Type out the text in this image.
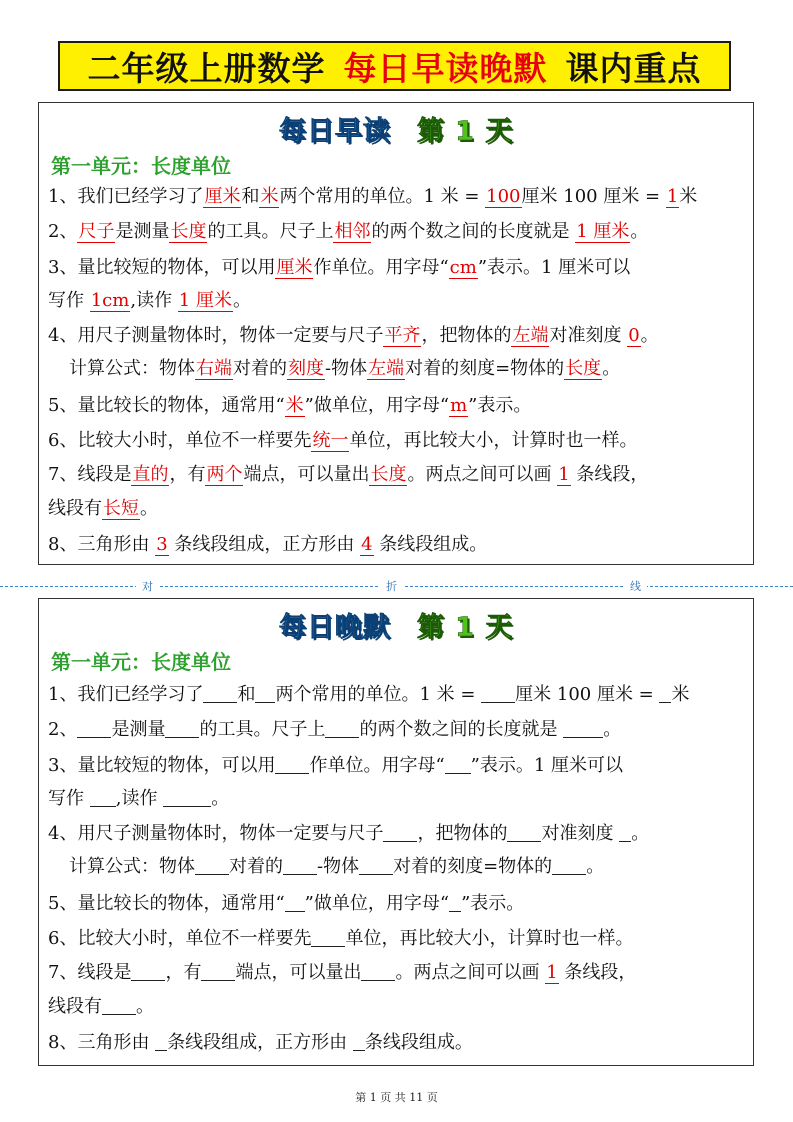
二年级上册数学 每日早读晚默 课内重点
每日早读 第 1 天
第一单元：长度单位
1、我们已经学习了厘米和米两个常用的单位。1 米 = 100厘米 100 厘米 = 1米
2、尺子是测量长度的工具。尺子上相邻的两个数之间的长度就是 1 厘米。
3、量比较短的物体，可以用厘米作单位。用字母“cm”表示。1 厘米可以
写作 1cm,读作 1 厘米。
4、用尺子测量物体时，物体一定要与尺子平齐，把物体的左端对准刻度 0。
计算公式：物体右端对着的刻度-物体左端对着的刻度=物体的长度。
5、量比较长的物体，通常用“米”做单位，用字母“m”表示。
6、比较大小时，单位不一样要先统一单位，再比较大小，计算时也一样。
7、线段是直的，有两个端点，可以量出长度。两点之间可以画 1 条线段，
线段有长短。
8、三角形由 3 条线段组成，正方形由 4 条线段组成。
对	折	线
每日晚默 第 1 天
第一单元：长度单位
1、我们已经学习了 和 两个常用的单位。1 米 = 厘米 100 厘米 = 米
2、 是测量 的工具。尺子上 的两个数之间的长度就是 。
3、量比较短的物体，可以用 作单位。用字母“ ”表示。1 厘米可以
写作 ,读作	。
4、用尺子测量物体时，物体一定要与尺子 ，把物体的 对准刻度 。
计算公式：物体 对着的 -物体 对着的刻度=物体的 。
5、量比较长的物体，通常用“ ”做单位，用字母“ ”表示。
6、比较大小时，单位不一样要先 单位，再比较大小，计算时也一样。
7、线段是 ，有 端点，可以量出 。两点之间可以画 1 条线段，
线段有 。
8、三角形由 条线段组成，正方形由 条线段组成。
第 1 页 共 11 页
